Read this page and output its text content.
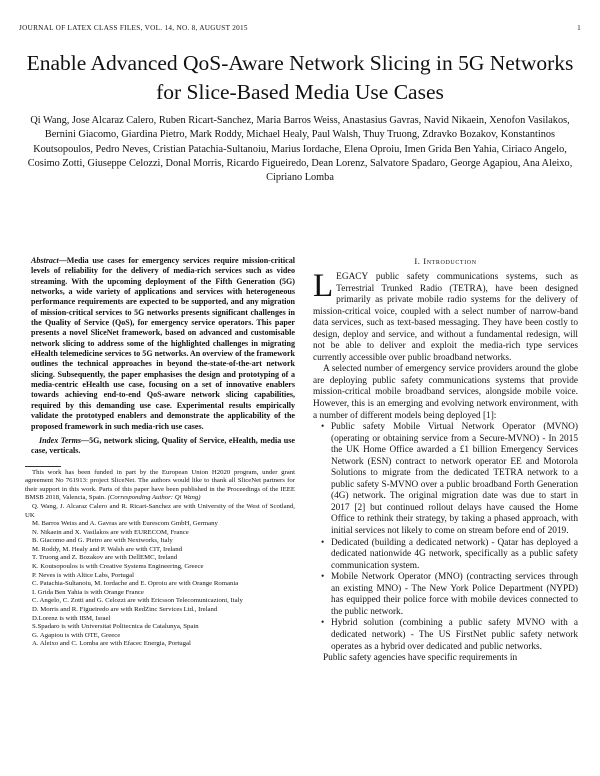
JOURNAL OF LATEX CLASS FILES, VOL. 14, NO. 8, AUGUST 2015	1
Enable Advanced QoS-Aware Network Slicing in 5G Networks for Slice-Based Media Use Cases
Qi Wang, Jose Alcaraz Calero, Ruben Ricart-Sanchez, Maria Barros Weiss, Anastasius Gavras, Navid Nikaein, Xenofon Vasilakos, Bernini Giacomo, Giardina Pietro, Mark Roddy, Michael Healy, Paul Walsh, Thuy Truong, Zdravko Bozakov, Konstantinos Koutsopoulos, Pedro Neves, Cristian Patachia-Sultanoiu, Marius Iordache, Elena Oproiu, Imen Grida Ben Yahia, Ciriaco Angelo, Cosimo Zotti, Giuseppe Celozzi, Donal Morris, Ricardo Figueiredo, Dean Lorenz, Salvatore Spadaro, George Agapiou, Ana Aleixo, Cipriano Lomba

Abstract—Media use cases for emergency services require mission-critical levels of reliability for the delivery of media-rich services such as video streaming. With the upcoming deployment of the Fifth Generation (5G) networks, a wide variety of applications and services with heterogeneous performance requirements are expected to be supported, and any migration of mission-critical services to 5G networks presents significant challenges in the Quality of Service (QoS), for emergency service operators. This paper presents a novel SliceNet framework, based on advanced and customisable network slicing to address some of the highlighted challenges in migrating eHealth telemedicine services to 5G networks. An overview of the framework outlines the technical approaches in beyond the-state-of-the-art network slicing. Subsequently, the paper emphasises the design and prototyping of a media-centric eHealth use case, focusing on a set of innovative enablers towards achieving end-to-end QoS-aware network slicing capabilities, required by this demanding use case. Experimental results empirically validate the prototyped enablers and demonstrate the applicability of the proposed framework in such media-rich use cases.

Index Terms—5G, network slicing, Quality of Service, eHealth, media use case, verticals.

This work has been funded in part by the European Union H2020 program, under grant agreement No 761913: project SliceNet. The authors would like to thank all SliceNet partners for their support in this work. Parts of this paper have been published in the Proceedings of the IEEE BMSB 2018, Valencia, Spain. (Corresponding Author: Qi Wang)

Q. Wang, J. Alcaraz Calero and R. Ricart-Sanchez are with University of the West of Scotland, UK

M. Barros Weiss and A. Gavras are with Eurescom GmbH, Germany

N. Nikaein and X. Vasilakos are with EURECOM, France

B. Giacomo and G. Pietro are with Nextworks, Italy

M. Roddy, M. Healy and P. Walsh are with CIT, Ireland

T. Truong and Z. Bozakov are with DellEMC, Ireland

K. Koutsopoulos is with Creative Systems Engineering, Greece

P. Neves is with Altice Labs, Portugal

C. Patachia-Sultanoiu, M. Iordache and E. Oproiu are with Orange Romania

I. Grida Ben Yahia is with Orange France

C. Angelo, C. Zotti and G. Celozzi are with Ericsson Telecomunicazioni, Italy

D. Morris and R. Figueiredo are with RedZinc Services Ltd., Ireland

D.Lorenz is with IBM, Israel

S.Spadaro is with Universitat Politecnica de Catalunya, Spain

G. Agapiou is with OTE, Greece

A. Aleixo and C. Lomba are with Efacec Energia, Portugal

I. Introduction

LEGACY public safety communications systems, such as Terrestrial Trunked Radio (TETRA), have been designed primarily as private mobile radio systems for the delivery of mission-critical voice, coupled with a select number of narrow-band data services, such as text-based messaging. They have been costly to design, deploy and service, and without a fundamental redesign, will not be able to deliver and exploit the media-rich type services currently accessible over public broadband networks.

A selected number of emergency service providers around the globe are deploying public safety communications systems that provide mission-critical mobile broadband services, alongside mobile voice. However, this is an emerging and evolving network environment, with a number of different models being deployed [1]:

• Public safety Mobile Virtual Network Operator (MVNO) (operating or obtaining service from a Secure-MVNO) - In 2015 the UK Home Office awarded a £1 billion Emergency Services Network (ESN) contract to network operator EE and Motorola Solutions to migrate from the dedicated TETRA network to a public safety S-MVNO over a public broadband Forth Generation (4G) network. The original migration date was due to start in 2017 [2] but continued rollout delays have caused the Home Office to rethink their strategy, by taking a phased approach, with initial services not likely to come on stream before end of 2019.
• Dedicated (building a dedicated network) - Qatar has deployed a dedicated nationwide 4G network, specifically as a public safety communication system.
• Mobile Network Operator (MNO) (contracting services through an existing MNO) - The New York Police Department (NYPD) has equipped their police force with mobile devices connected to the public network.
• Hybrid solution (combining a public safety MVNO with a dedicated network) - The US FirstNet public safety network operates as a hybrid over dedicated and public networks.

Public safety agencies have specific requirements in
